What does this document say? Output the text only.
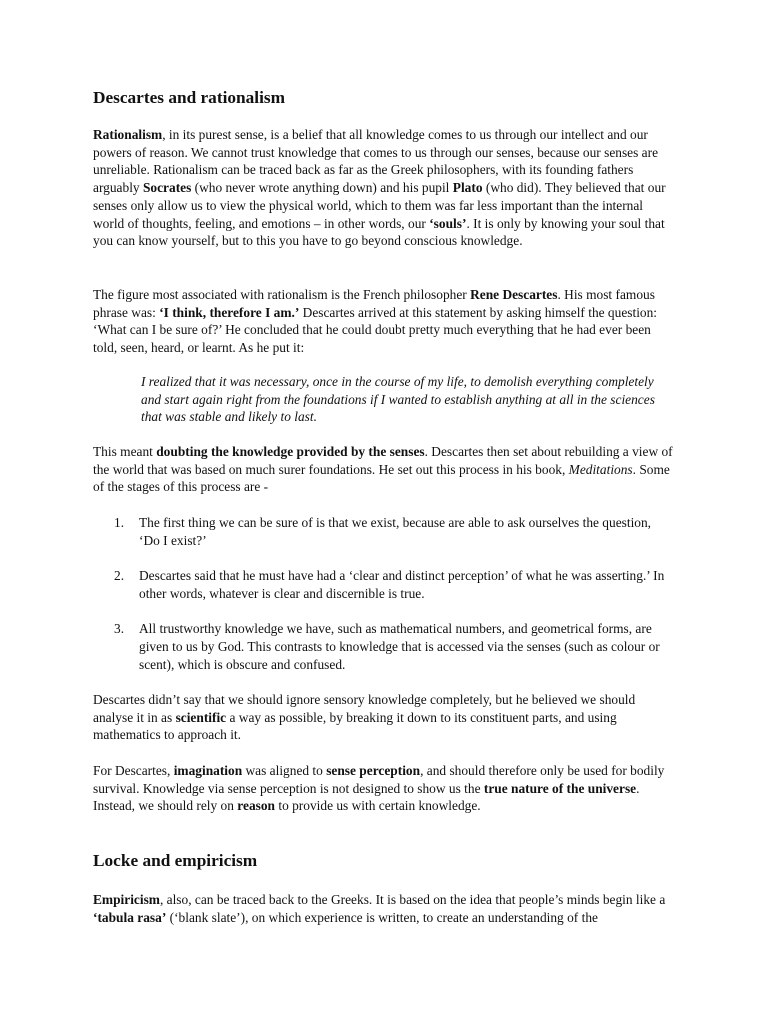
Descartes and rationalism

Rationalism, in its purest sense, is a belief that all knowledge comes to us through our intellect and our powers of reason. We cannot trust knowledge that comes to us through our senses, because our senses are unreliable. Rationalism can be traced back as far as the Greek philosophers, with its founding fathers arguably Socrates (who never wrote anything down) and his pupil Plato (who did). They believed that our senses only allow us to view the physical world, which to them was far less important than the internal world of thoughts, feeling, and emotions – in other words, our ‘souls’. It is only by knowing your soul that you can know yourself, but to this you have to go beyond conscious knowledge.

The figure most associated with rationalism is the French philosopher Rene Descartes. His most famous phrase was: ‘I think, therefore I am.’ Descartes arrived at this statement by asking himself the question: ‘What can I be sure of?’ He concluded that he could doubt pretty much everything that he had ever been told, seen, heard, or learnt. As he put it:

I realized that it was necessary, once in the course of my life, to demolish everything completely and start again right from the foundations if I wanted to establish anything at all in the sciences that was stable and likely to last.

This meant doubting the knowledge provided by the senses. Descartes then set about rebuilding a view of the world that was based on much surer foundations. He set out this process in his book, Meditations. Some of the stages of this process are -

1. The first thing we can be sure of is that we exist, because are able to ask ourselves the question, ‘Do I exist?’
2. Descartes said that he must have had a ‘clear and distinct perception’ of what he was asserting.’ In other words, whatever is clear and discernible is true.
3. All trustworthy knowledge we have, such as mathematical numbers, and geometrical forms, are given to us by God. This contrasts to knowledge that is accessed via the senses (such as colour or scent), which is obscure and confused.

Descartes didn’t say that we should ignore sensory knowledge completely, but he believed we should analyse it in as scientific a way as possible, by breaking it down to its constituent parts, and using mathematics to approach it.

For Descartes, imagination was aligned to sense perception, and should therefore only be used for bodily survival. Knowledge via sense perception is not designed to show us the true nature of the universe. Instead, we should rely on reason to provide us with certain knowledge.

Locke and empiricism

Empiricism, also, can be traced back to the Greeks. It is based on the idea that people’s minds begin like a ‘tabula rasa’ (‘blank slate’), on which experience is written, to create an understanding of the
